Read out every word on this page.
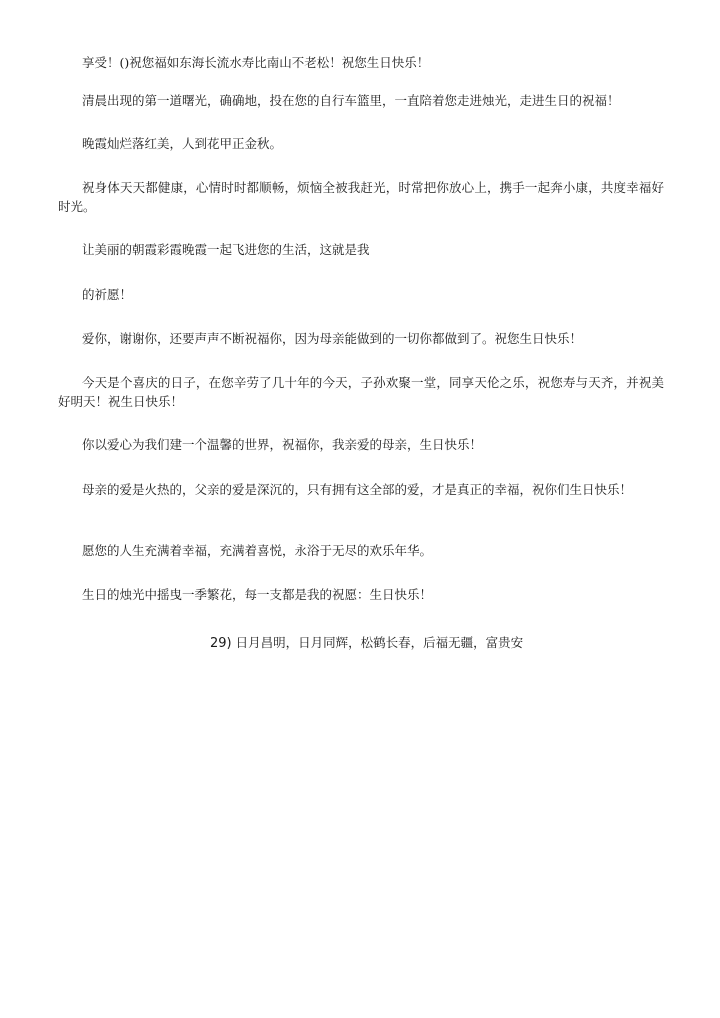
享受！()祝您福如东海长流水寿比南山不老松！祝您生日快乐！

清晨出现的第一道曙光，确确地，投在您的自行车篮里，一直陪着您走进烛光，走进生日的祝福！

晚霞灿烂落红美，人到花甲正金秋。

祝身体天天都健康，心情时时都顺畅，烦恼全被我赶光，时常把你放心上，携手一起奔小康，共度幸福好时光。

让美丽的朝霞彩霞晚霞一起飞进您的生活，这就是我

的祈愿！

爱你，谢谢你，还要声声不断祝福你，因为母亲能做到的一切你都做到了。祝您生日快乐！

今天是个喜庆的日子，在您辛劳了几十年的今天，子孙欢聚一堂，同享天伦之乐，祝您寿与天齐，并祝美好明天！祝生日快乐！

你以爱心为我们建一个温馨的世界，祝福你，我亲爱的母亲，生日快乐！

母亲的爱是火热的，父亲的爱是深沉的，只有拥有这全部的爱，才是真正的幸福，祝你们生日快乐！

愿您的人生充满着幸福，充满着喜悦，永浴于无尽的欢乐年华。

生日的烛光中摇曳一季繁花，每一支都是我的祝愿：生日快乐！

29) 日月昌明，日月同辉，松鹤长春，后福无疆，富贵安
